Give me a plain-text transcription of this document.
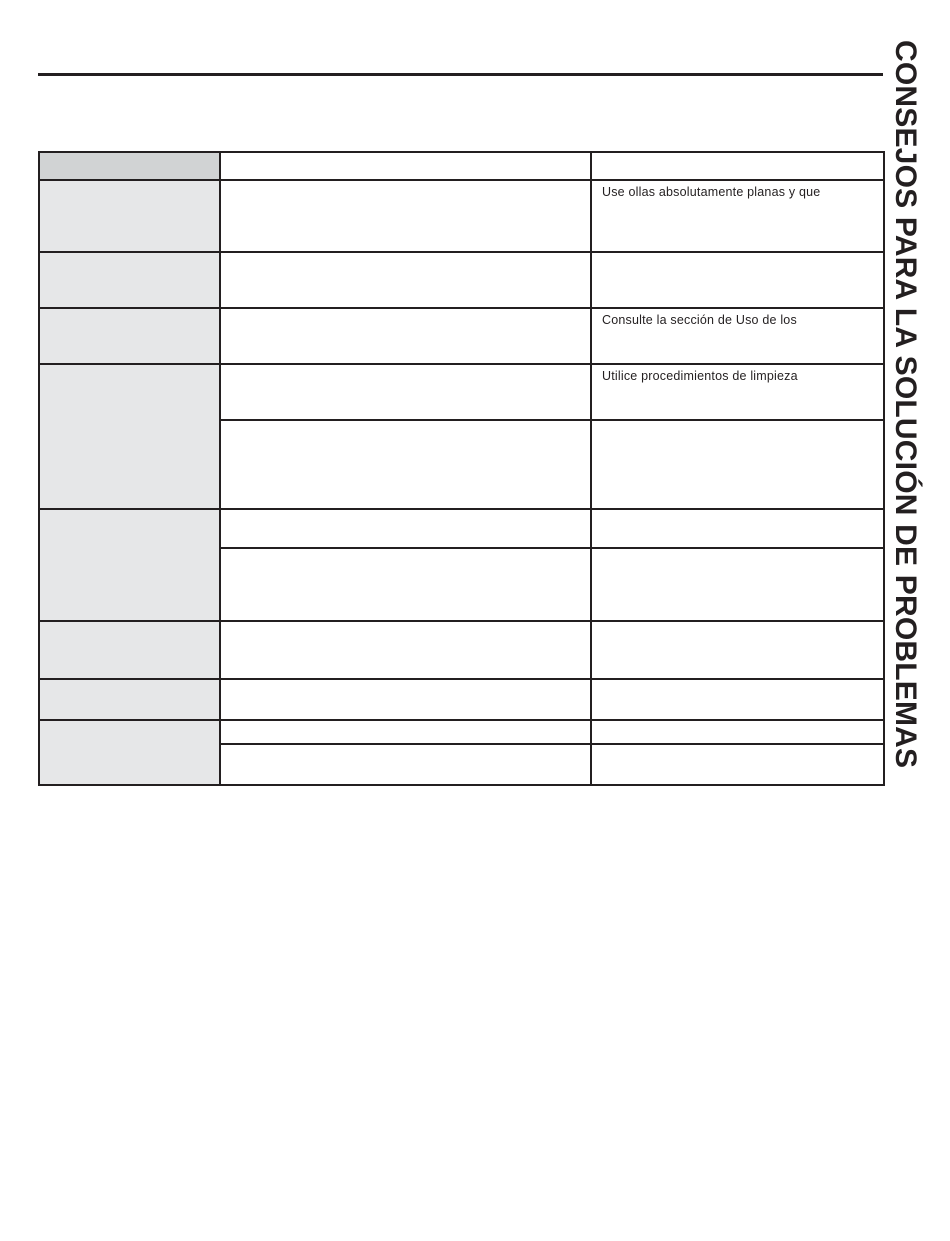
CONSEJOS PARA LA SOLUCIÓN DE PROBLEMAS

		Use ollas absolutamente planas y que

		Consulte la sección de Uso de los

		Utilice procedimientos de limpieza
